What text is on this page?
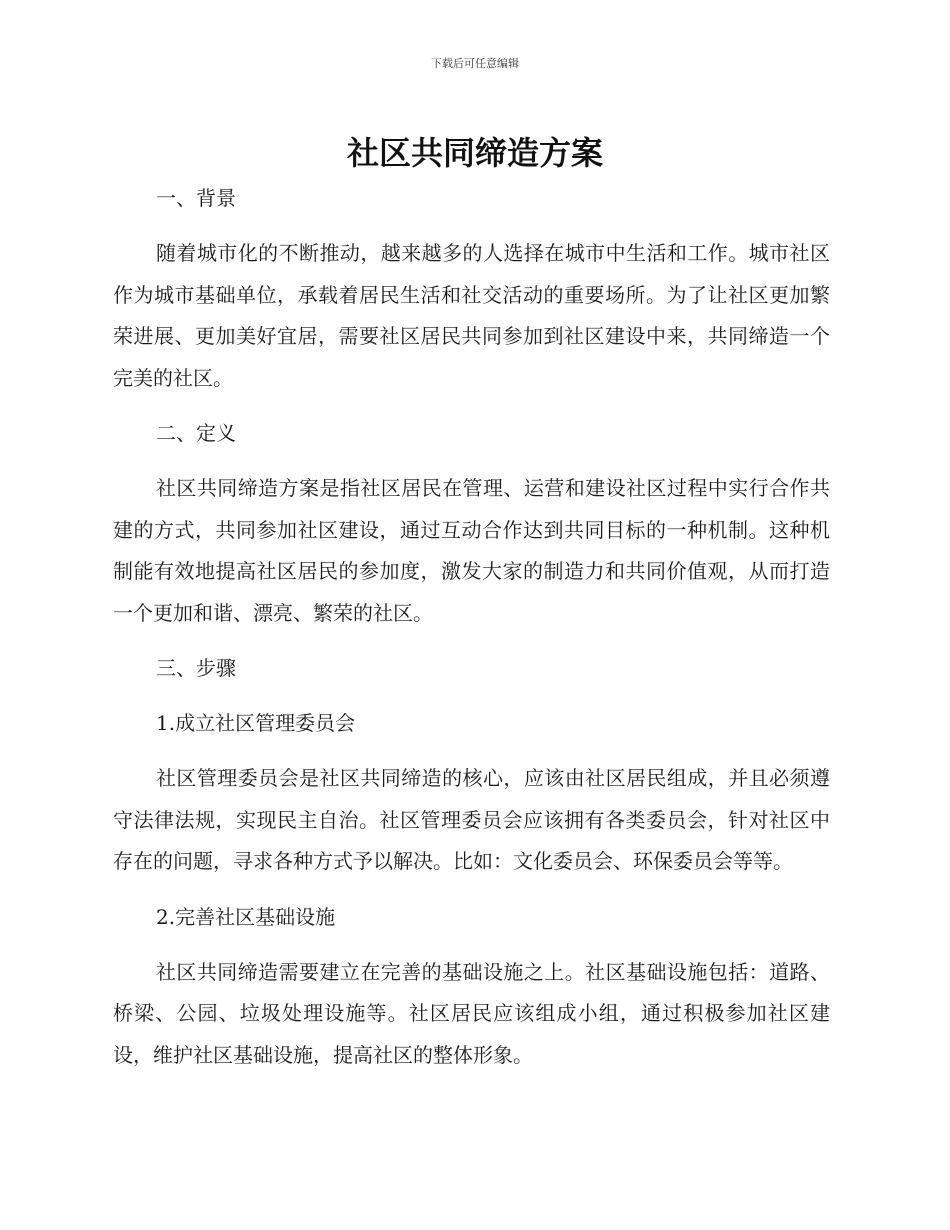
下载后可任意编辑
社区共同缔造方案

一、背景

随着城市化的不断推动，越来越多的人选择在城市中生活和工作。城市社区作为城市基础单位，承载着居民生活和社交活动的重要场所。为了让社区更加繁荣进展、更加美好宜居，需要社区居民共同参加到社区建设中来，共同缔造一个完美的社区。

二、定义

社区共同缔造方案是指社区居民在管理、运营和建设社区过程中实行合作共建的方式，共同参加社区建设，通过互动合作达到共同目标的一种机制。这种机制能有效地提高社区居民的参加度，激发大家的制造力和共同价值观，从而打造一个更加和谐、漂亮、繁荣的社区。

三、步骤

1.成立社区管理委员会

社区管理委员会是社区共同缔造的核心，应该由社区居民组成，并且必须遵守法律法规，实现民主自治。社区管理委员会应该拥有各类委员会，针对社区中存在的问题，寻求各种方式予以解决。比如：文化委员会、环保委员会等等。

2.完善社区基础设施

社区共同缔造需要建立在完善的基础设施之上。社区基础设施包括：道路、桥梁、公园、垃圾处理设施等。社区居民应该组成小组，通过积极参加社区建设，维护社区基础设施，提高社区的整体形象。
